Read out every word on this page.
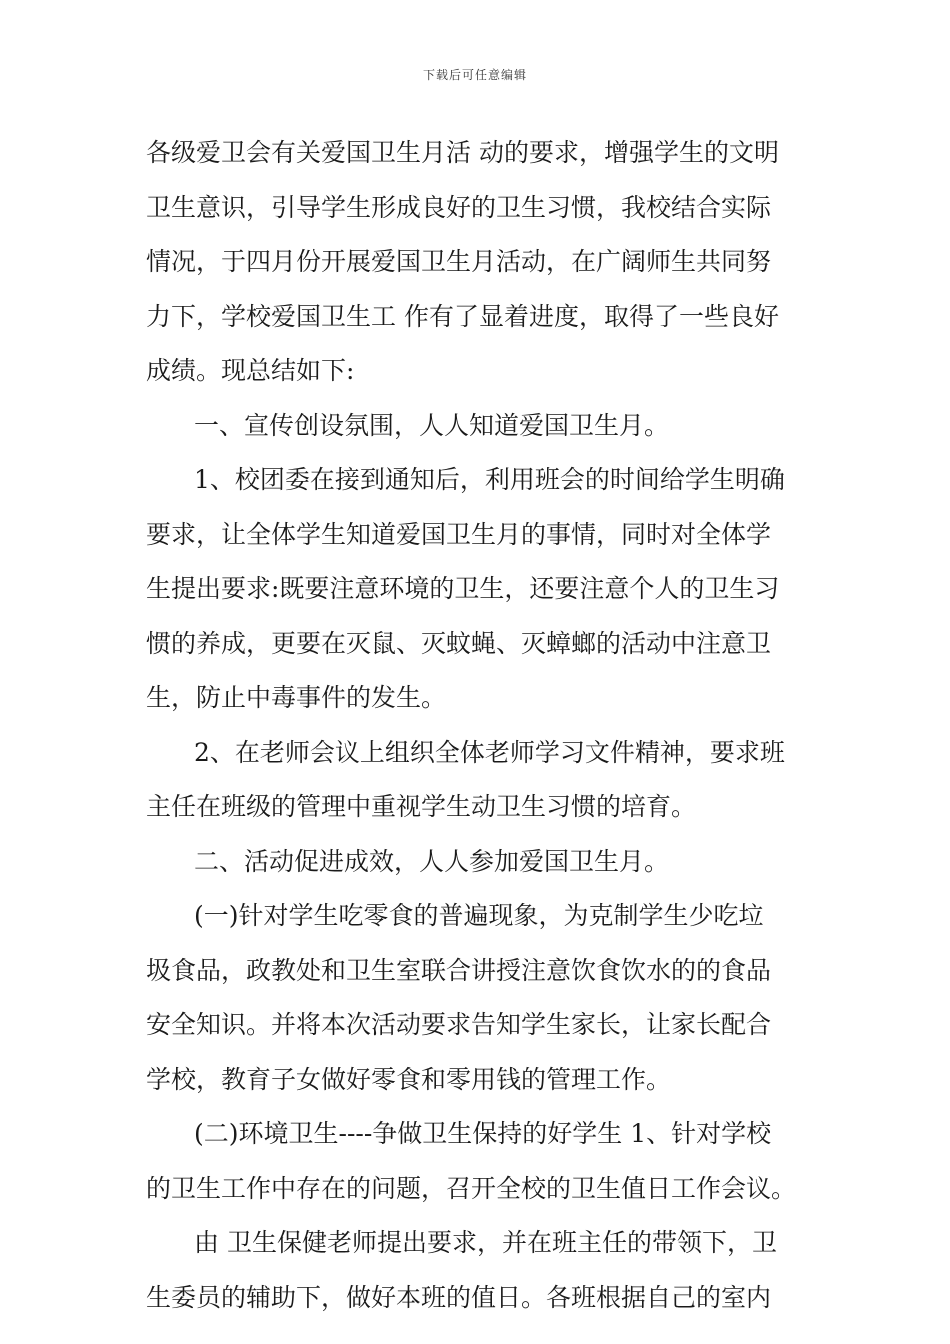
下载后可任意编辑
各级爱卫会有关爱国卫生月活 动的要求，增强学生的文明
卫生意识，引导学生形成良好的卫生习惯，我校结合实际
情况，于四月份开展爱国卫生月活动，在广阔师生共同努
力下，学校爱国卫生工 作有了显着进度，取得了一些良好
成绩。现总结如下:
一、宣传创设氛围，人人知道爱国卫生月。
1、校团委在接到通知后，利用班会的时间给学生明确
要求，让全体学生知道爱国卫生月的事情，同时对全体学
生提出要求:既要注意环境的卫生，还要注意个人的卫生习
惯的养成，更要在灭鼠、灭蚊蝇、灭蟑螂的活动中注意卫
生，防止中毒事件的发生。
2、在老师会议上组织全体老师学习文件精神，要求班
主任在班级的管理中重视学生动卫生习惯的培育。
二、活动促进成效，人人参加爱国卫生月。
(一)针对学生吃零食的普遍现象，为克制学生少吃垃
圾食品，政教处和卫生室联合讲授注意饮食饮水的的食品
安全知识。并将本次活动要求告知学生家长，让家长配合
学校，教育子女做好零食和零用钱的管理工作。
(二)环境卫生----争做卫生保持的好学生 1、针对学校
的卫生工作中存在的问题，召开全校的卫生值日工作会议。
由 卫生保健老师提出要求，并在班主任的带领下，卫
生委员的辅助下，做好本班的值日。各班根据自己的室内
